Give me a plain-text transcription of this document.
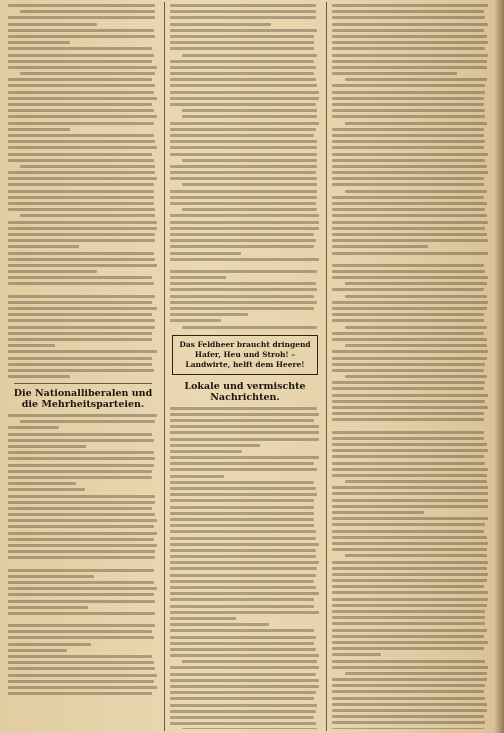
Die Nationalliberalen und die Mehrheitsparteien.
Das Feldheer braucht dringend Hafer, Heu und Stroh! – Landwirte, helft dem Heere!
Lokale und vermischte Nachrichten.
